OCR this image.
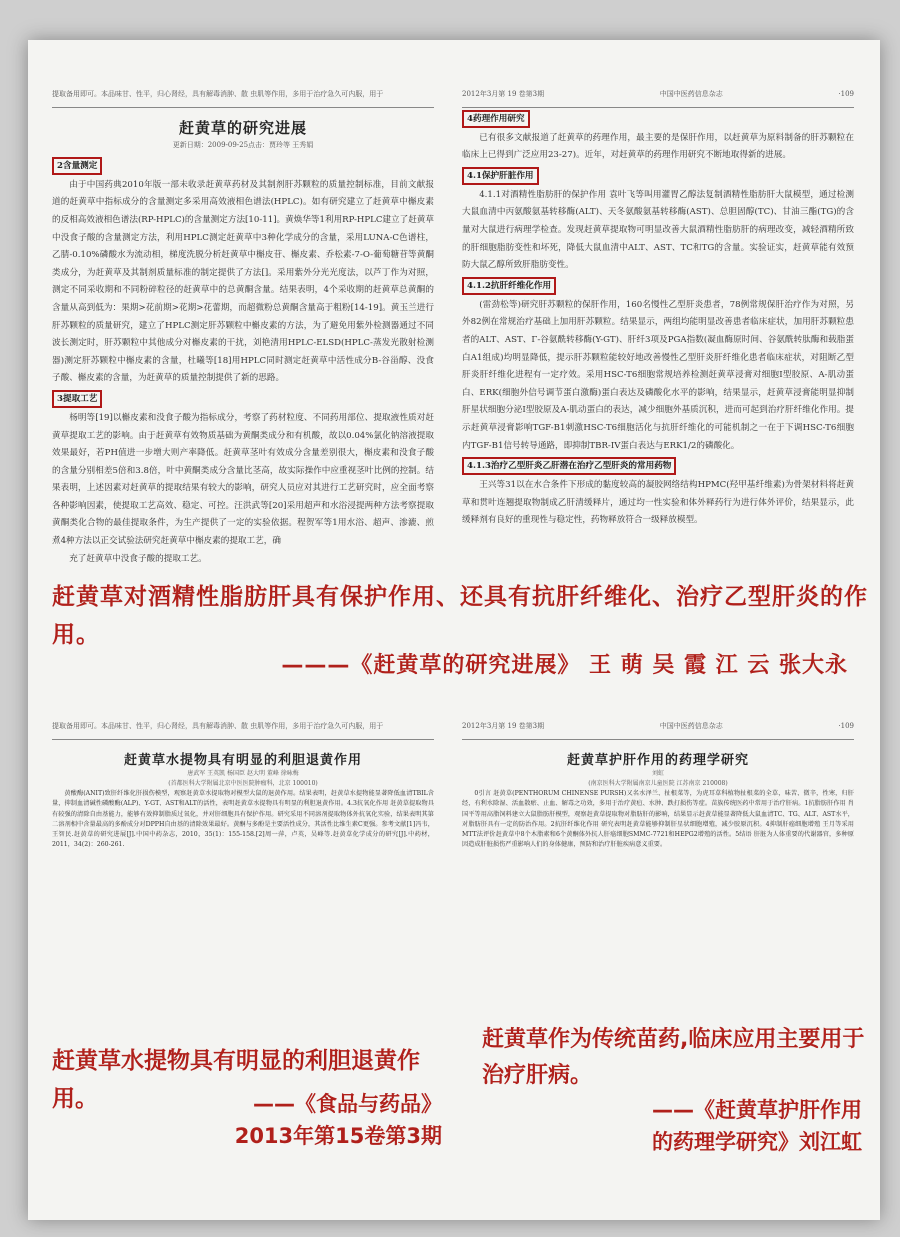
提取备用即可。本品味甘、性平，归心肾经，具有解毒消肿、散 虫肌等作用，多用于治疗急久可内服，用于
赶黄草的研究进展
更新日期：2009-09-25点击：贾玲等 王秀娟
2含量测定

由于中国药典2010年版一部未收录赶黄草药材及其制剂肝苏颗粒的质量控制标准，目前文献报道的赶黄草中指标成分的含量测定多采用高效液相色谱法(HPLC)。如有研究建立了赶黄草中槲皮素的反相高效液相色谱法(RP-HPLC)的含量测定方法[10-11]。黄焕华等1利用RP-HPLC建立了赶黄草中没食子酸的含量测定方法，利用HPLC测定赶黄草中3种化学成分的含量，采用LUNA-C色谱柱，乙腈-0.10%磷酸水为流动相，梯度洗脱分析赶黄草中槲皮苷、槲皮素、乔松素-7-O-葡萄糖苷等黄酮类成分，为赶黄草及其制剂质量标准的制定提供了方法[]。采用紫外分光光度法，以芦丁作为对照，测定不同采收期和不同粉碎粒径的赶黄草中的总黄酮含量。结果表明，4个采收期的赶黄草总黄酮的含量从高到低为：果期>花前期>花期>花蕾期，而超微粉总黄酮含量高于粗粉[14-19]。黄玉兰进行肝苏颗粒的质量研究，建立了HPLC测定肝苏颗粒中槲皮素的方法，为了避免用紫外检测器通过不同波长测定时，肝苏颗粒中其他成分对槲皮素的干扰，刘艳清用HPLC-ELSD(HPLC-蒸发光散射检测器)测定肝苏颗粒中槲皮素的含量，杜曦等[18]用HPLC同时测定赶黄草中活性成分B-谷甾醇、没食子酸、槲皮素的含量，为赶黄草的质量控制提供了新的思路。

3提取工艺

杨明等[19]以槲皮素和没食子酸为指标成分，考察了药材粒度、不同药用部位、提取液性质对赶黄草提取工艺的影响。由于赶黄草有效物质基础为黄酮类成分和有机酸，故以0.04%氯化钠溶液提取效果最好，若PH值进一步增大则产率降低。赶黄草茎叶有效成分含量差别很大，槲皮素和没食子酸的含量分别相差5倍和3.8倍，叶中黄酮类成分含量比茎高，故实际操作中应重视茎叶比例的控制。结果表明，上述因素对赶黄草的提取结果有较大的影响，研究人员应对其进行工艺研究时，应全面考察各种影响因素，使提取工艺高效、稳定、可控。汪洪武等[20]采用超声和水浴浸提两种方法考察提取黄酮类化合物的最佳提取条件，为生产提供了一定的实验依据。程贺军等1用水浴、超声、渗漉、煎煮4种方法以正交试验法研究赶黄草中槲皮素的提取工艺，确

充了赶黄草中没食子酸的提取工艺。

2012年3月第 19 卷第3期	中国中医药信息杂志	·109
4药理作用研究

已有很多文献报道了赶黄草的药理作用，最主要的是保肝作用，以赶黄草为原料制备的肝苏颗粒在临床上已得到广泛应用23-27)。近年，对赶黄草的药理作用研究不断地取得新的进展。

4.1保护肝脏作用

4.1.1对酒精性脂肪肝的保护作用 袁叶飞等叫用灌胃乙醇法复制酒精性脂肪肝大鼠模型，通过检测大鼠血清中丙氨酸氨基转移酶(ALT)、天冬氨酸氨基转移酶(AST)、总胆固醇(TC)、甘油三酯(TG)的含量对大鼠进行病理学检查。发现赶黄草提取物可明显改善大鼠酒精性脂肪肝的病理改变，减轻酒精所致的肝细胞脂肪变性和坏死，降低大鼠血清中ALT、AST、TC和TG的含量。实验证实，赶黄草能有效预防大鼠乙醇所致肝脂肪变性。

4.1.2抗肝纤维化作用

(雷劲松等)研究肝苏颗粒的保肝作用，160名慢性乙型肝炎患者，78例常规保肝治疗作为对照，另外82例在常规治疗基础上加用肝苏颗粒。结果显示，两组均能明显改善患者临床症状，加用肝苏颗粒患者的ALT、AST、Γ-谷氨酰转移酶(Y-GT)、肝纤3项及PGA指数(凝血酶原时间、谷氨酰转肽酶和载脂蛋白A1组成)均明显降低，提示肝苏颗粒能较好地改善慢性乙型肝炎肝纤维化患者临床症状，对阻断乙型肝炎肝纤维化进程有一定疗效。采用HSC-T6细胞常规培养检测赶黄草浸膏对细胞I型胶原、A-肌动蛋白、ERK(细胞外信号调节蛋白激酶)蛋白表达及磷酸化水平的影响，结果显示，赶黄草浸膏能明显抑制肝星状细胞分泌I型胶原及A-肌动蛋白的表达，减少细胞外基质沉积，进而可起到治疗肝纤维化作用。提示赶黄草浸膏影响TGF-B1刺激HSC-T6细胞活化与抗肝纤维化的可能机制之一在于下调HSC-T6细胞内TGF-B1信号转导通路，即抑制TBR-IV蛋白表达与ERK1/2的磷酸化。

4.1.3治疗乙型肝炎乙肝潜在治疗乙型肝炎的常用药物

王兴等31以在水合条件下形成的黏度较高的凝胶网络结构HPMC(羟甲基纤维素)为骨架材料将赶黄草和贯叶连翘提取物制成乙肝清缓释片，通过均一性实验和体外释药行为进行体外评价，结果显示，此缓释剂有良好的重现性与稳定性，药物释放符合一级释放模型。

赶黄草对酒精性脂肪肝具有保护作用、还具有抗肝纤维化、治疗乙型肝炎的作用。
———《赶黄草的研究进展》 王 萌 吴 霞 江 云 张大永
提取备用即可。本品味甘、性平，归心肾经，具有解毒消肿、散 虫肌等作用，多用于治疗急久可内服，用于
赶黄草水提物具有明显的利胆退黄作用
唐武军 王英凯 杨国臣 赵大明 董峰 徐咏梅
(首都医科大学附属北京中医医院肿瘤科，北京 100010)

黄酸酶(ANIT)致肝纤维化肝损伤模型，观察赶黄草水提取物对模型大鼠的退黄作用。结果表明，赶黄草水提物能显著降低血清TBIL含量，抑制血清碱性磷酸酶(ALP)、Y-GT、AST和ALT的活性，表明赶黄草水提物具有明显的利胆退黄作用。4.3抗氧化作用 赶黄草提取物具有较强的清除自由基能力，能够有效抑制脂质过氧化，并对肝细胞具有保护作用。研究采用不同溶剂提取物体外抗氧化实验，结果表明其第二溶剂相中含量最高的多酚成分对DPPH自由基的清除效果最好。黄酮与多酚是主要活性成分，其活性比维生素C更强。参考文献[1]冯韦，王智民.赶黄草的研究进展[J].中国中药杂志，2010，35(1)：155-158.[2]周一萍，卢英，吴峰等.赶黄草化学成分的研究[J].中药材，2011，34(2)：260-261.

2012年3月第 19 卷第3期	中国中医药信息杂志	·109
赶黄草护肝作用的药理学研究
刘虹
(南京医科大学附属南京儿童医院 江苏南京 210008)

0引言 赶黄草(PENTHORUM CHINENSE PURSH)又名水泽兰、扯根菜等，为虎耳草科植物扯根菜的全草，味苦、微辛，性寒，归肝经，有利水除湿、活血散瘀、止血、解毒之功效，多用于治疗黄疸、水肿、跌打损伤等症。苗族传统医药中常用于治疗肝病。1抗脂肪肝作用 肖国平等用高脂饲料建立大鼠脂肪肝模型，观察赶黄草提取物对脂肪肝的影响，结果显示赶黄草能显著降低大鼠血清TC、TG、ALT、AST水平，对脂肪肝具有一定的防治作用。2抗肝纤维化作用 研究表明赶黄草能够抑制肝星状细胞增殖，减少胶原沉积。4抑制肝癌细胞增殖 王月等采用MTT法评价赶黄草中8个木脂素和6个黄酮体外抗人肝癌细胞SMMC-7721和HEPG2增殖的活性。5结语 肝脏为人体重要的代谢器官，多种原因造成肝脏损伤严重影响人们的身体健康，预防和治疗肝脏疾病意义重要。

赶黄草水提物具有明显的利胆退黄作用。	——《食品与药品》
2013年第15卷第3期
赶黄草作为传统苗药,临床应用主要用于治疗肝病。
——《赶黄草护肝作用
的药理学研究》刘江虹
